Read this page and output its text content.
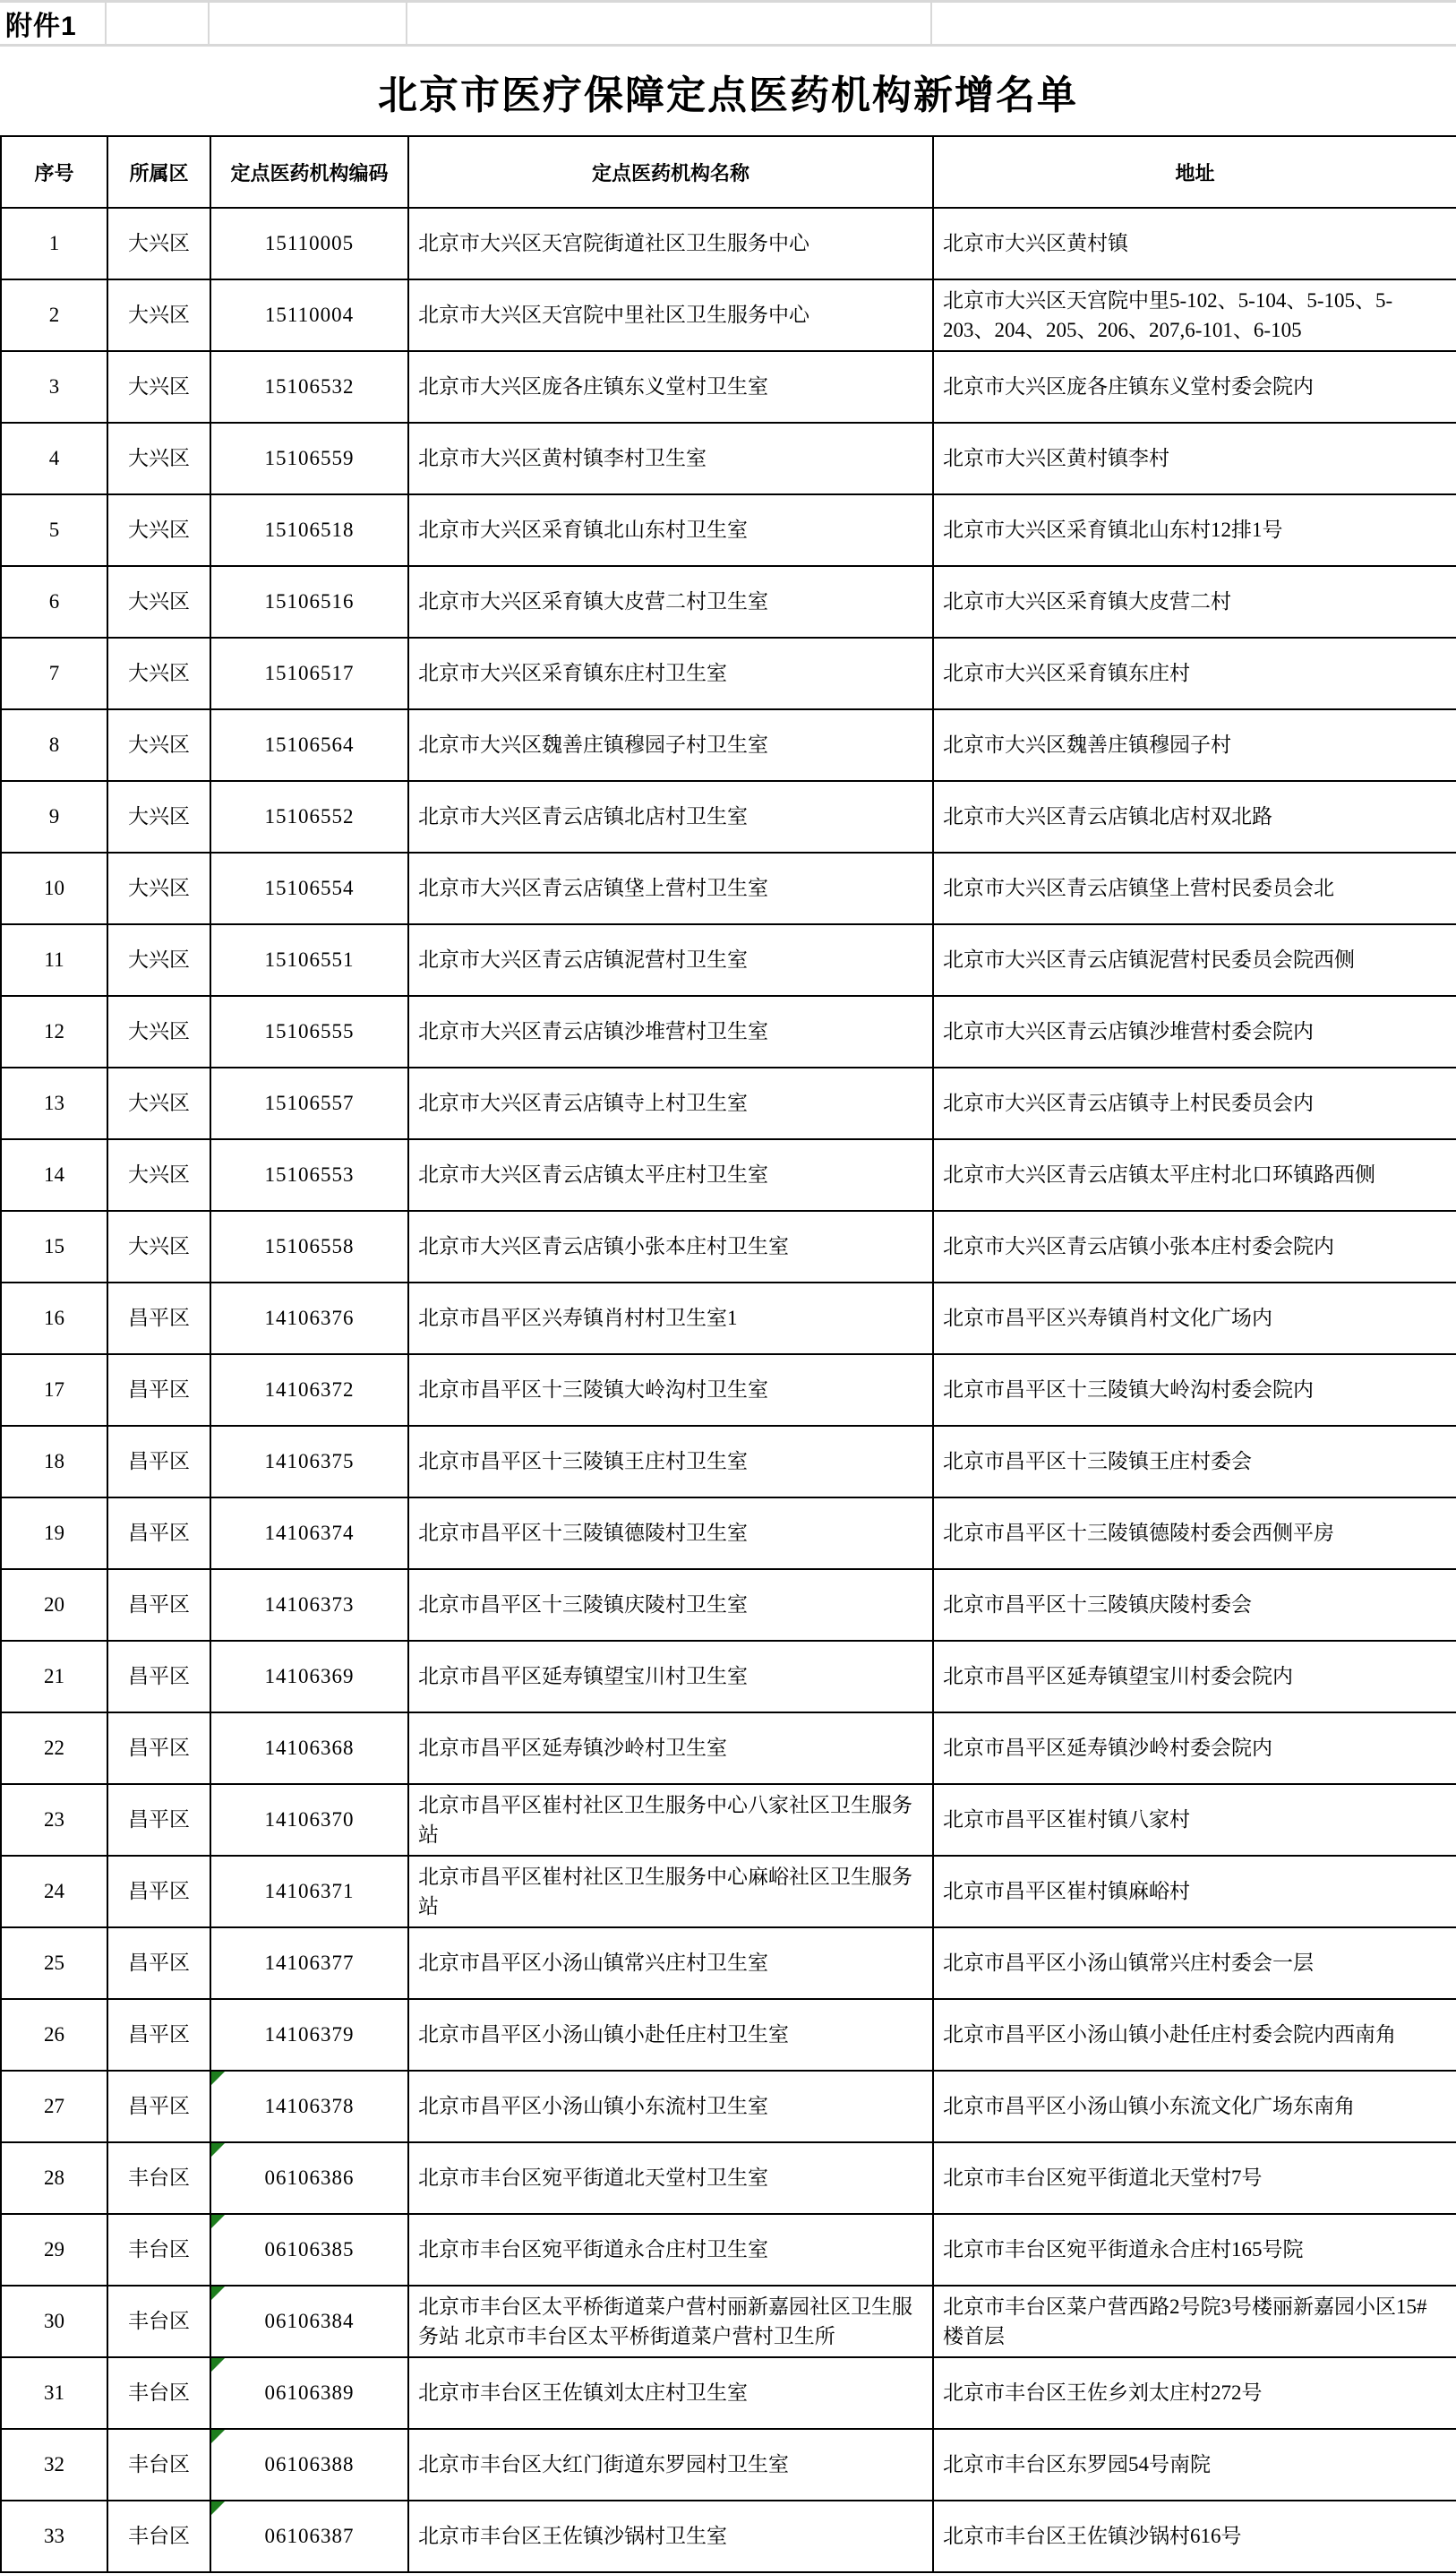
附件1
北京市医疗保障定点医药机构新增名单
序号	所属区	定点医药机构编码	定点医药机构名称	地址
1	大兴区	15110005	北京市大兴区天宫院街道社区卫生服务中心	北京市大兴区黄村镇
2	大兴区	15110004	北京市大兴区天宫院中里社区卫生服务中心	北京市大兴区天宫院中里5-102、5-104、5-105、5-203、204、205、206、207,6-101、6-105
3	大兴区	15106532	北京市大兴区庞各庄镇东义堂村卫生室	北京市大兴区庞各庄镇东义堂村委会院内
4	大兴区	15106559	北京市大兴区黄村镇李村卫生室	北京市大兴区黄村镇李村
5	大兴区	15106518	北京市大兴区采育镇北山东村卫生室	北京市大兴区采育镇北山东村12排1号
6	大兴区	15106516	北京市大兴区采育镇大皮营二村卫生室	北京市大兴区采育镇大皮营二村
7	大兴区	15106517	北京市大兴区采育镇东庄村卫生室	北京市大兴区采育镇东庄村
8	大兴区	15106564	北京市大兴区魏善庄镇穆园子村卫生室	北京市大兴区魏善庄镇穆园子村
9	大兴区	15106552	北京市大兴区青云店镇北店村卫生室	北京市大兴区青云店镇北店村双北路
10	大兴区	15106554	北京市大兴区青云店镇垡上营村卫生室	北京市大兴区青云店镇垡上营村民委员会北
11	大兴区	15106551	北京市大兴区青云店镇泥营村卫生室	北京市大兴区青云店镇泥营村民委员会院西侧
12	大兴区	15106555	北京市大兴区青云店镇沙堆营村卫生室	北京市大兴区青云店镇沙堆营村委会院内
13	大兴区	15106557	北京市大兴区青云店镇寺上村卫生室	北京市大兴区青云店镇寺上村民委员会内
14	大兴区	15106553	北京市大兴区青云店镇太平庄村卫生室	北京市大兴区青云店镇太平庄村北口环镇路西侧
15	大兴区	15106558	北京市大兴区青云店镇小张本庄村卫生室	北京市大兴区青云店镇小张本庄村委会院内
16	昌平区	14106376	北京市昌平区兴寿镇肖村村卫生室1	北京市昌平区兴寿镇肖村文化广场内
17	昌平区	14106372	北京市昌平区十三陵镇大岭沟村卫生室	北京市昌平区十三陵镇大岭沟村委会院内
18	昌平区	14106375	北京市昌平区十三陵镇王庄村卫生室	北京市昌平区十三陵镇王庄村委会
19	昌平区	14106374	北京市昌平区十三陵镇德陵村卫生室	北京市昌平区十三陵镇德陵村委会西侧平房
20	昌平区	14106373	北京市昌平区十三陵镇庆陵村卫生室	北京市昌平区十三陵镇庆陵村委会
21	昌平区	14106369	北京市昌平区延寿镇望宝川村卫生室	北京市昌平区延寿镇望宝川村委会院内
22	昌平区	14106368	北京市昌平区延寿镇沙岭村卫生室	北京市昌平区延寿镇沙岭村委会院内
23	昌平区	14106370	北京市昌平区崔村社区卫生服务中心八家社区卫生服务站	北京市昌平区崔村镇八家村
24	昌平区	14106371	北京市昌平区崔村社区卫生服务中心麻峪社区卫生服务站	北京市昌平区崔村镇麻峪村
25	昌平区	14106377	北京市昌平区小汤山镇常兴庄村卫生室	北京市昌平区小汤山镇常兴庄村委会一层
26	昌平区	14106379	北京市昌平区小汤山镇小赴任庄村卫生室	北京市昌平区小汤山镇小赴任庄村委会院内西南角
27	昌平区	14106378	北京市昌平区小汤山镇小东流村卫生室	北京市昌平区小汤山镇小东流文化广场东南角
28	丰台区	06106386	北京市丰台区宛平街道北天堂村卫生室	北京市丰台区宛平街道北天堂村7号
29	丰台区	06106385	北京市丰台区宛平街道永合庄村卫生室	北京市丰台区宛平街道永合庄村165号院
30	丰台区	06106384	北京市丰台区太平桥街道菜户营村丽新嘉园社区卫生服务站 北京市丰台区太平桥街道菜户营村卫生所	北京市丰台区菜户营西路2号院3号楼丽新嘉园小区15#楼首层
31	丰台区	06106389	北京市丰台区王佐镇刘太庄村卫生室	北京市丰台区王佐乡刘太庄村272号
32	丰台区	06106388	北京市丰台区大红门街道东罗园村卫生室	北京市丰台区东罗园54号南院
33	丰台区	06106387	北京市丰台区王佐镇沙锅村卫生室	北京市丰台区王佐镇沙锅村616号
